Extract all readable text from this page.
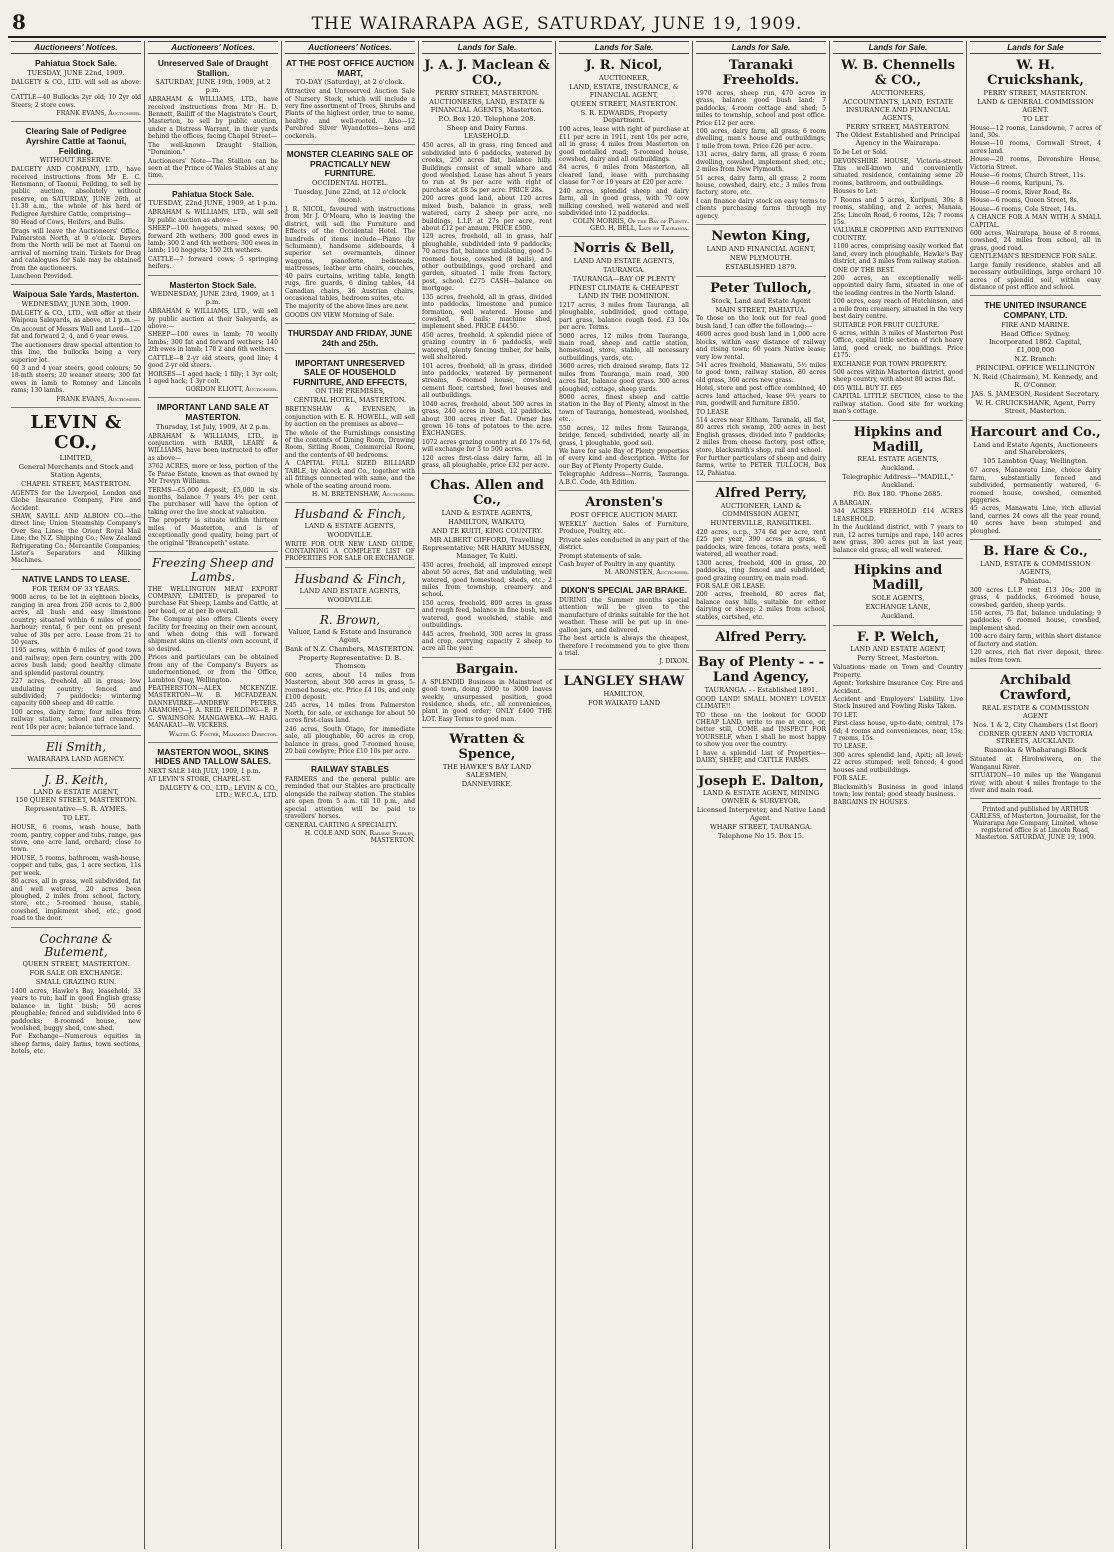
8	THE WAIRARAPA AGE, SATURDAY, JUNE 19, 1909.
Auctioneers' Notices.
Pahiatua Stock Sale.
TUESDAY, JUNE 22nd, 1909.
DALGETY & CO., LTD. will sell as above:—
CATTLE—40 Bullocks 2yr old; 10 2yr old Steers; 2 store cows.
FRANK EVANS, Auctioneer.
Clearing Sale of Pedigree Ayrshire Cattle at Taonui, Feilding.
WITHOUT RESERVE.
DALGETY AND COMPANY, LTD., have received instructions from Mr E. C. Rensmann, of Taonui, Feilding, to sell by public auction, absolutely without reserve, on SATURDAY, JUNE 26th, at 11.30 a.m., the whole of his herd of Pedigree Ayrshire Cattle, comprising—
80 Head of Cows, Heifers, and Bulls.
Drags will leave the Auctioneers' Office, Palmerston North, at 9 o'clock. Buyers from the North will be met at Taonui on arrival of morning train. Tickets for Drag and catalogues for Sale may be obtained from the auctioneers.
Luncheon Provided.
Waipoua Sale Yards, Masterton.
WEDNESDAY, JUNE 30th, 1909.
DALGETY & CO., LTD., will offer at their Waipoua Saleyards, as above, at 1 p.m.:—
On account of Messrs Wall and Lord—120 fat and forward 2, 4, and 6 year ewes.
The auctioneers draw special attention to this line, the bullocks being a very superior lot.
60 3 and 4 year steers, good colours; 50 18-mth steers; 20 weaner steers; 300 fat ewes in lamb to Romney and Lincoln rams; 130 lambs.
FRANK EVANS, Auctioneer.
LEVIN & CO.,
LIMITED,
General Merchants and Stock and Station Agents,
CHAPEL STREET, MASTERTON.
AGENTS for the Liverpool, London and Globe Insurance Company, Fire and Accident.
SHAW, SAVILL AND ALBION CO.—the direct line; Union Steamship Company's Over Sea Lines; the Orient Royal Mail Line; the N.Z. Shipping Co.; New Zealand Refrigerating Co.; Mercantile Companies; Lister's Separators and Milking Machines.
NATIVE LANDS TO LEASE.
FOR TERM OF 33 YEARS.
9000 acres, to be let in eighteen blocks, ranging in area from 250 acres to 2,800 acres, all bush and easy limestone country; situated within 6 miles of good harbour; rental, 6 per cent on present value of 30s per acre. Lease from 21 to 50 years.
1195 acres, within 6 miles of good town and railway; open fern country, with 200 acres bush land; good healthy climate and splendid pastoral country.
227 acres, freehold, all in grass; low undulating country; fenced and subdivided; 7 paddocks; wintering capacity 600 sheep and 40 cattle.
100 acres, dairy farm; four miles from railway station, school and creamery; rent 10s per acre; balance terrace land.
Eli Smith,
WAIRARAPA LAND AGENCY.
J. B. Keith,
LAND & ESTATE AGENT,
150 QUEEN STREET, MASTERTON.
Representative—S. R. AYMES.
TO LET.
HOUSE, 6 rooms, wash house, bath room, pantry, copper and tubs, range, gas stove, one acre land, orchard; close to town.
HOUSE, 5 rooms, bathroom, wash-house, copper and tubs, gas, 1 acre section, 11s per week.
80 acres, all in grass, well subdivided, fat and well watered, 20 acres been ploughed, 2 miles from school, factory, store, etc.; 5-roomed house, stable, cowshed, implement shed, etc.; good road to the door.
Cochrane & Butement,
QUEEN STREET, MASTERTON.
FOR SALE OR EXCHANGE.
SMALL GRAZING RUN.
1400 acres, Hawke's Bay, leasehold; 33 years to run; half in good English grass; balance in light bush; 50 acres ploughable; fenced and subdivided into 6 paddocks; 8-roomed house, new woolshed, buggy shed, cow-shed.
For Exchange—Numerous equities in sheep farms, dairy farms, town sections, hotels, etc.
Auctioneers' Notices.
Unreserved Sale of Draught Stallion.
SATURDAY, JUNE 19th, 1909, at 2 p.m.
ABRAHAM & WILLIAMS, LTD., have received instructions from Mr H. D. Bennett, Bailiff of the Magistrate's Court, Masterton, to sell by public auction, under a Distress Warrant, in their yards behind the offices, facing Chapel Street—
The well-known Draught Stallion, "Dominion."
Auctioneers' Note—The Stallion can be seen at the Prince of Wales Stables at any time.
Pahiatua Stock Sale.
TUESDAY, 22nd JUNE, 1909, at 1 p.m.
ABRAHAM & WILLIAMS, LTD., will sell by public auction as above:—
SHEEP—100 hoggets, mixed sexes; 90 forward 2th wethers; 300 good ewes in lamb; 300 2 and 4th wethers; 300 ewes in lamb; 110 hoggets; 150 2th wethers.
CATTLE—7 forward cows; 5 springing heifers.
Masterton Stock Sale.
WEDNESDAY, JUNE 23rd, 1909, at 1 p.m.
ABRAHAM & WILLIAMS, LTD., will sell by public auction at their Saleyards, as above:—
SHEEP—100 ewes in lamb; 70 woolly lambs; 300 fat and forward wethers; 140 2th ewes in lamb; 170 2 and 6th wethers.
CATTLE—8 2-yr old steers, good line; 4 good 2-yr old steers.
HORSES—1 aged hack; 1 filly; 1 3yr colt; 1 aged hack; 1 3yr colt.
GORDON ELIOTT, Auctioneer.
IMPORTANT LAND SALE AT MASTERTON.
Thursday, 1st July, 1909, At 2 p.m.
ABRAHAM & WILLIAMS, LTD., in conjunction with BARR, LEARY & WILLIAMS, have been instructed to offer as above—
3762 ACRES, more or less, portion of the Te Parae Estate, known as that owned by Mr Trevyn Williams.
TERMS—£5,000 deposit, £5,000 in six months, balance 7 years 4½ per cent. The purchaser will have the option of taking over the live stock at valuation.
The property is situate within thirteen miles of Masterton, and is of exceptionally good quality, being part of the original "Brancepeth" estate.
Freezing Sheep and Lambs.
THE WELLINGTON MEAT EXPORT COMPANY, LIMITED, is prepared to purchase Fat Sheep, Lambs and Cattle, at per head, or at per lb overall.
The Company also offers Clients every facility for freezing on their own account, and when doing this will forward shipment skins on clients' own account, if so desired.
Prices and particulars can be obtained from any of the Company's Buyers as undermentioned, or from the Office, Lambton Quay, Wellington.
FEATHERSTON—ALEX MCKENZIE. MASTERTON—W. B. MCFADZEAN. DANNEVIRKE—ANDREW PETERS. ARAMOHO—J. A. REID. FEILDING—E. P. C. SWAINSON. MANGAWEKA—W. HAIG. MANAKAU—W. VICKERS.
Walter G. Foster, Managing Director.
MASTERTON WOOL, SKINS HIDES AND TALLOW SALES.
NEXT SALE 14th JULY, 1909, 1 p.m.
AT LEVIN'S STORE, CHAPEL-ST.
DALGETY & CO., LTD.; LEVIN & CO., LTD.; W.F.C.A., LTD.
Auctioneers' Notices.
AT THE POST OFFICE AUCTION MART,
TO-DAY (Saturday), at 2 o'clock.
Attractive and Unreserved Auction Sale of Nursery Stock, which will include a very fine assortment of Trees, Shrubs and Plants of the highest order, true to name, healthy and well-rooted. Also—12 Purebred Silver Wyandottes—hens and cockerels.
MONSTER CLEARING SALE OF PRACTICALLY NEW FURNITURE.
OCCIDENTAL HOTEL.
Tuesday, June 22nd, at 12 o'clock (noon).
J. R. NICOL, favoured with instructions from Mr J. O'Meara, who is leaving the district, will sell the Furniture and Effects of the Occidental Hotel. The hundreds of items include—Piano (by Schumann), handsome sideboards, 4 superior set overmantels, dinner waggons, pianoforte, bedsteads, mattresses, leather arm chairs, couches, 40 pairs curtains, writing table, length rugs, fire guards, 6 dining tables, 44 Canadian chairs, 36 Austrian chairs, occasional tables, bedroom suites, etc.
The majority of the above lines are new.
GOODS ON VIEW Morning of Sale.
THURSDAY AND FRIDAY, JUNE 24th and 25th.
IMPORTANT UNRESERVED SALE OF HOUSEHOLD FURNITURE, AND EFFECTS,
ON THE PREMISES,
CENTRAL HOTEL, MASTERTON.
BRETENSHAW & EVENSEN, in conjunction with E. R. HOWELL, will sell by auction on the premises as above—
The whole of the Furnishings consisting of the contents of Dining Room, Drawing Room, Sitting Room, Commercial Room, and the contents of 40 bedrooms.
A CAPITAL FULL SIZED BILLIARD TABLE, by Alcock and Co., together with all fittings connected with same, and the whole of the seating around room.
H. M. BRETENSHAW, Auctioneer.
Husband & Finch,
LAND & ESTATE AGENTS,
WOODVILLE.
WRITE FOR OUR NEW LAND GUIDE, CONTAINING A COMPLETE LIST OF PROPERTIES FOR SALE OR EXCHANGE.
Husband & Finch,
LAND AND ESTATE AGENTS,
WOODVILLE.
R. Brown,
Valuer, Land & Estate and Insurance Agent,
Bank of N.Z. Chambers, MASTERTON.
Property Representative: D. B. Thomson
600 acres, about 14 miles from Masterton, about 300 acres in grass, 5-roomed house, etc. Price £4 10s, and only £100 deposit.
245 acres, 14 miles from Palmerston North, for sale, or exchange for about 50 acres first-class land.
246 acres, South Otago, for immediate sale, all ploughable, 60 acres in crop, balance in grass, good 7-roomed house, 20 bail cowbyre; Price £10 10s per acre.
RAILWAY STABLES
FARMERS and the general public are reminded that our Stables are practically alongside the railway station. The stables are open from 5 a.m. till 10 p.m., and special attention will be paid to travellers' horses.
GENERAL CARTING A SPECIALITY.
H. COLE AND SON, Railway Stables, MASTERTON.
Lands for Sale.
J. A. J. Maclean & CO.,
PERRY STREET, MASTERTON.
AUCTIONEERS, LAND, ESTATE & FINANCIAL AGENTS, Masterton.
P.O. Box 120. Telephone 208.
Sheep and Dairy Farms.
LEASEHOLD.
450 acres, all in grass, ring fenced and subdivided into 6 paddocks, watered by creeks, 250 acres flat, balance hilly. Buildings consist of small whare and good woolshed. Lease has about 5 years to run at 9s per acre with right of purchase at £8 5s per acre. PRICE 28s.
200 acres good land, about 120 acres mixed bush, balance in grass, well watered, carry 2 sheep per acre, no buildings, L.I.P. at 27s per acre, rent about £12 per annum. PRICE £500.
129 acres, freehold, all in grass, half ploughable, subdivided into 9 paddocks; 70 acres flat, balance undulating, good 5-roomed house, cowshed (8 bails), and other outbuildings, good orchard and garden, situated 1 mile from factory, post, school. £275 CASH—balance on mortgage.
135 acres, freehold, all in grass, divided into paddocks, limestone and pumice formation, well watered. House and cowshed, 8 bails; machine shed, implement shed. PRICE £4450.
450 acres, freehold. A splendid piece of grazing country in 6 paddocks, well watered, plenty fencing timber, for bails, well sheltered.
101 acres, freehold, all in grass, divided into paddocks, watered by permanent streams, 6-roomed house, cowshed, cement floor, cartshed, fowl houses and all outbuildings.
1040 acres, freehold, about 500 acres in grass, 240 acres in bush, 12 paddocks, about 300 acres river flat. Owner has grown 16 tons of potatoes to the acre. EXCHANGES.
1072 acres grazing country at £6 17s 6d, will exchange for 3 to 500 acres.
120 acres first-class dairy farm, all in grass, all ploughable, price £32 per acre.
Chas. Allen and Co.,
LAND & ESTATE AGENTS,
HAMILTON, WAIKATO,
AND TE KUITI, KING COUNTRY.
MR ALBERT GIFFORD, Travelling Representative; MR HARRY MUSSEN, Manager, Te Kuiti.
450 acres, freehold, all improved except about 50 acres, flat and undulating, well watered, good homestead, sheds, etc.; 2 miles from township, creamery and school.
150 acres, freehold, 800 acres in grass and rough feed, balance in fine bush, well watered, good woolshed, stable and outbuildings.
445 acres, freehold, 300 acres in grass and crop, carrying capacity 2 sheep to acre all the year.
Bargain.
A SPLENDID Business in Mainstreet of good town, doing 2000 to 3000 loaves weekly, unsurpassed position, good residence, sheds, etc., all conveniences, plant in good order; ONLY £400 THE LOT. Easy Terms to good man.
Wratten & Spence,
THE HAWKE'S BAY LAND SALESMEN,
DANNEVIRKE.
Lands for Sale.
J. R. Nicol,
AUCTIONEER,
LAND, ESTATE, INSURANCE, & FINANCIAL AGENT,
QUEEN STREET, MASTERTON.
S. R. EDWARDS, Property Department.
100 acres, lease with right of purchase at £11 per acre in 1911, rent 10s per acre, all in grass; 4 miles from Masterton on good metalled road; 5-roomed house, cowshed, dairy and all outbuildings.
84 acres, 6 miles from Masterton, all cleared land, lease with purchasing clause for 7 or 10 years at £20 per acre.
240 acres, splendid sheep and dairy farm, all in good grass, with 70 cow milking cowshed, well watered and well subdivided into 12 paddocks.
COLIN MORRIS, Of the Bay of Plenty. GEO. H. BELL, Late of Tauranga.
Norris & Bell,
LAND AND ESTATE AGENTS,
TAURANGA.
TAURANGA—BAY OF PLENTY
FINEST CLIMATE & CHEAPEST LAND IN THE DOMINION.
1217 acres, 3 miles from Tauranga, all ploughable, subdivided, good cottage, part grass, balance rough feed. £3 10s per acre. Terms.
5000 acres, 12 miles from Tauranga, main road, sheep and cattle station, homestead, store, stable, all necessary outbuildings, yards, etc.
3600 acres, rich drained swamp, flats 12 miles from Tauranga, main road, 300 acres flat, balance good grass. 300 acres ploughed, cottage, sheep yards.
8000 acres, finest sheep and cattle station in the Bay of Plenty, almost in the town of Tauranga, homestead, woolshed, etc.
550 acres, 12 miles from Tauranga, bridge, fenced, subdivided, nearly all in grass, 1 ploughable, good soil.
We have for sale Bay of Plenty properties of every kind and description. Write for our Bay of Plenty Property Guide.
Telegraphic Address—Norris, Tauranga. A.B.C. Code, 4th Edition.
Aronsten's
POST OFFICE AUCTION MART.
WEEKLY Auction Sales of Furniture, Produce, Poultry, etc.
Private sales conducted in any part of the district.
Prompt statements of sale.
Cash buyer of Poultry in any quantity.
M. ARONSTEN, Auctioneer.
DIXON'S SPECIAL JAR BRAKE.
DURING the Summer months special attention will be given to the manufacture of drinks suitable for the hot weather. These will be put up in one-gallon jars, and delivered.
The best article is always the cheapest, therefore I recommend you to give them a trial.
J. DIXON.
LANGLEY SHAW
HAMILTON,
FOR WAIKATO LAND
Lands for Sale.
Taranaki Freeholds.
1970 acres, sheep run, 470 acres in grass, balance good bush land; 7 paddocks, 4-room cottage and shed; 5 miles to township, school and post office. Price £12 per acre.
100 acres, dairy farm, all grass; 6 room dwelling, man's house and outbuildings; 1 mile from town. Price £26 per acre.
131 acres, dairy farm, all grass; 6 room dwelling, cowshed, implement shed, etc.; 2 miles from New Plymouth.
51 acres, dairy farm, all grass; 2 room house, cowshed, dairy, etc.; 3 miles from factory, store, etc.
I can finance dairy stock on easy terms to clients purchasing farms through my agency.
Newton King,
LAND AND FINANCIAL AGENT,
NEW PLYMOUTH.
ESTABLISHED 1879.
Peter Tulloch,
Stock, Land and Estate Agent
MAIN STREET, PAHIATUA.
To those on the look out for real good bush land, I can offer the following:—
4600 acres good bush land in 1,000 acre blocks, within easy distance of railway and rising town; 60 years Native lease; very low rental.
541 acres freehold, Manawatu, 5½ miles to good town, railway station, 80 acres old grass, 360 acres new grass.
Hotel, store and post office combined, 40 acres land attached, lease 9½ years to run, goodwill and furniture £850.
TO LEASE
514 acres near Eltham, Taranaki, all flat, 80 acres rich swamp, 200 acres in best English grasses, divided into 7 paddocks; 2 miles from cheese factory, post office, store, blacksmith's shop, rail and school.
For further particulars of sheep and dairy farms, write to PETER TULLOCH, Box 12, Pahiatua.
Alfred Perry,
AUCTIONEER, LAND & COMMISSION AGENT,
HUNTERVILLE, RANGITIKEI.
420 acres, o.r.p., 374 6d per acre, rent £25 per year, 390 acres in grass, 6 paddocks, wire fences, totara posts, well watered, all weather road.
1300 acres, freehold, 400 in grass, 20 paddocks, ring fenced and subdivided, good grazing country, on main road.
FOR SALE OR LEASE.
200 acres, freehold, 80 acres flat, balance easy hills, suitable for either dairying or sheep; 2 miles from school, stables, cartshed, etc.
Alfred Perry.
Bay of Plenty - - - Land Agency,
TAURANGA. - - Established 1891.
GOOD LAND! SMALL MONEY! LOVELY CLIMATE!!
TO those on the lookout for GOOD CHEAP LAND, write to me at once, or, better still, COME and INSPECT FOR YOURSELF, when I shall be most happy to show you over the country.
I have a splendid List of Properties—DAIRY, SHEEP, and CATTLE FARMS.
Joseph E. Dalton,
LAND & ESTATE AGENT, MINING OWNER & SURVEYOR.
Licensed Interpreter, and Native Land Agent.
WHARF STREET, TAURANGA.
Telephone No 15. Box 15.
Lands for Sale.
W. B. Chennells & CO.,
AUCTIONEERS,
ACCOUNTANTS, LAND, ESTATE INSURANCE AND FINANCIAL AGENTS,
PERRY STREET, MASTERTON.
The Oldest Established and Principal Agency in the Wairarapa.
To be Let or Sold.
DEVONSHIRE HOUSE, Victoria-street. This well-known and conveniently situated residence, containing some 20 rooms, bathroom, and outbuildings.
Houses to Let:
7 Rooms and 5 acres, Kuripuni, 30s; 8 rooms, stabling, and 2 acres, Manaia, 25s; Lincoln Road, 6 rooms, 12s; 7 rooms 15s.
VALUABLE CROPPING AND FATTENING COUNTRY.
1100 acres, comprising easily worked flat land, every inch ploughable, Hawke's Bay district, and 3 miles from railway station.
ONE OF THE BEST.
200 acres, an exceptionally well-appointed dairy farm, situated in one of the leading centres in the North Island.
100 acres, easy reach of Hutchinson, and a mile from creamery, situated in the very best dairy centre.
SUITABLE FOR FRUIT CULTURE.
6 acres, within 3 miles of Masterton Post Office, capital little section of rich heavy land, good creek, no buildings. Price £175.
EXCHANGE FOR TOWN PROPERTY.
500 acres within Masterton district, good sheep country, with about 80 acres flat.
£65 WILL BUY IT. £65
CAPITAL LITTLE SECTION, close to the railway station. Good site for working man's cottage.
Hipkins and Madill,
REAL ESTATE AGENTS,
Auckland.
Telegraphic Address—"MADILL," Auckland.
P.O. Box 180. 'Phone 2685.
A BARGAIN.
344 ACRES FREEHOLD £14 ACRES LEASEHOLD.
In the Auckland district, with 7 years to run, 12 acres turnips and rape, 140 acres new grass, 390 acres put in last year, balance old grass; all well watered.
Hipkins and Madill,
SOLE AGENTS,
EXCHANGE LANE,
Auckland.
F. P. Welch,
LAND AND ESTATE AGENT,
Perry Street, Masterton.
Valuations made on Town and Country Property.
Agent: Yorkshire Insurance Coy. Fire and Accident.
Accident and Employers' Liability. Live Stock Insured and Fowling Risks Taken.
TO LET.
First-class house, up-to-date, central, 17s 6d; 4 rooms and conveniences, near, 15s; 7 rooms, 15s.
TO LEASE.
300 acres splendid land, Apiti; all level; 22 acres stumped; well fenced; 4 good houses and outbuildings.
FOR SALE.
Blacksmith's Business in good inland town; low rental; good steady business.
BARGAINS IN HOUSES.
Lands for Sale
W. H. Cruickshank,
PERRY STREET, MASTERTON.
LAND & GENERAL COMMISSION AGENT.
TO LET
House—12 rooms, Lansdowne, 7 acres of land, 30s.
House—10 rooms, Cornwall Street, 4 acres land.
House—20 rooms, Devonshire House, Victoria Street.
House—6 rooms, Church Street, 11s.
House—6 rooms, Kuripuni, 7s.
House—6 rooms, River Road, 8s.
House—6 rooms, Queen Street, 8s.
House—6 rooms, Cole Street, 14s.
A CHANCE FOR A MAN WITH A SMALL CAPITAL.
600 acres, Wairarapa, house of 8 rooms, cowshed, 24 miles from school, all in grass, good road.
GENTLEMAN'S RESIDENCE FOR SALE.
Large family residence, stables and all necessary outbuildings, large orchard 10 acres of splendid soil, within easy distance of post office and school.
THE UNITED INSURANCE COMPANY, LTD.
FIRE AND MARINE.
Head Office: Sydney.
Incorporated 1862. Capital, £1,000,000
N.Z. Branch:
PRINCIPAL OFFICE WELLINGTON
N. Reid (Chairman), M. Kennedy, and R. O'Connor.
JAS. S. JAMESON, Resident Secretary.
W. H. CRUICKSHANK, Agent, Perry Street, Masterton.
Harcourt and Co.,
Land and Estate Agents, Auctioneers and Sharebrokers,
105 Lambton Quay, Wellington.
67 acres, Manawatu Line, choice dairy farm, substantially fenced and subdivided, permanently watered, 6-roomed house, cowshed, cemented piggeries.
45 acres, Manawatu Line, rich alluvial land, carries 24 cows all the year round, 40 acres have been stumped and ploughed.
B. Hare & Co.,
LAND, ESTATE & COMMISSION AGENTS,
Pahiatua.
300 acres L.I.P. rent £13 10s; 200 in grass, 4 paddocks, 6-roomed house, cowshed, garden, sheep yards.
150 acres, 75 flat, balance undulating; 9 paddocks; 6 roomed house, cowshed, implement shed.
100 acre dairy farm, within short distance of factory and station.
120 acres, rich flat river deposit, three miles from town.
Archibald Crawford,
REAL ESTATE & COMMISSION AGENT
Nos. 1 & 2, City Chambers (1st floor)
CORNER QUEEN AND VICTORIA STREETS, AUCKLAND.
Ruamoka & Whaharangi Block
Situated at Hirohwiwera, on the Wanganui River.
SITUATION—10 miles up the Wanganui river, with about 4 miles frontage to the river and main road.
Printed and published by ARTHUR CARLESS, of Masterton, Journalist, for the Wairarapa Age Company, Limited, whose registered office is at Lincoln Road, Masterton. SATURDAY, JUNE 19, 1909.
